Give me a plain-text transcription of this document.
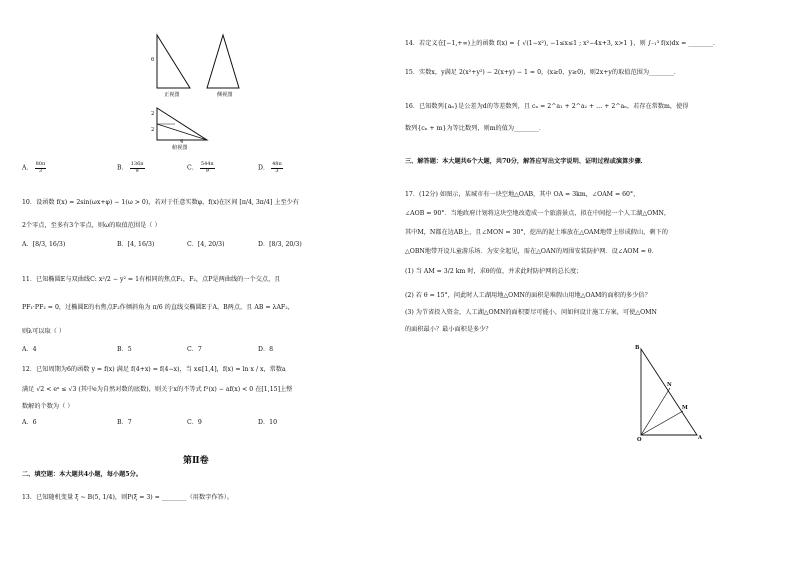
6
正视图	侧视图
2
2
4
俯视图
A． $\frac{80\pi}{3}$	B． $\frac{136\pi}{9}$	C． $\frac{544\pi}{9}$	D． $\frac{48\pi}{3}$
10．设函数 f(x) = 2sin(ωx+φ) − 1(ω > 0)，若对于任意实数φ，f(x)在区间 [π/4, 3π/4] 上至少有
2个零点，至多有3个零点，则ω的取值范围是（ ）
A．[8/3, 16/3)	B．[4, 16/3)	C．[4, 20/3)	D．[8/3, 20/3)
11．已知椭圆E与双曲线C: x²/2 − y² = 1有相同的焦点F₁，F₂，点P是两曲线的一个交点，且
PF₁·PF₂ = 0，过椭圆E的右焦点F₂作倾斜角为 π/6 的直线交椭圆E于A，B两点，且 AB = λAF₂，
则λ可以取（ ）
A．4	B．5	C．7	D．8
12．已知周期为6的函数 y = f(x) 满足 f(4+x) = f(4−x)，当 x∈[1,4]，f(x) = ln x / x，常数a
满足 √2 < eᵃ ≤ √3 (其中e为自然对数的底数)，则关于x的不等式 f²(x) − af(x) < 0 在[1,15]上整
数解的个数为（ ）
A．6	B．7	C．9	D．10
第Ⅱ卷
二、填空题：本大题共4小题，每小题5分。
13．已知随机变量 ξ ~ B(5, 1/4)，则P(ξ = 3) = ________（用数字作答）。
14．若定义在[−1,+∞)上的函数 f(x) = { √(1−x²), −1≤x≤1 ; x²−4x+3, x>1 }，则 ∫₋₁³ f(x)dx = ________．
15．实数x，y满足 2(x²+y²) − 2(x+y) − 1 = 0，(x≥0，y≥0)，则2x+y的取值范围为________．
16．已知数列{aₙ}是公差为d的等差数列，且 cₙ = 2^a₁ + 2^a₂ + … + 2^aₙ，若存在常数m，使得
数列{cₙ + m}为等比数列，则m的值为________．
三、解答题：本大题共6个大题，共70分，解答应写出文字说明、证明过程或演算步骤．
17．(12分) 如图示，某城市有一块空地△OAB，其中 OA = 3km，∠OAM = 60°，
∠AOB = 90°．当地政府计划将这块空地改造成一个旅游景点，拟在中间挖一个人工湖△OMN，
其中M，N都在边AB上，且∠MON = 30°，挖出的泥土堆放在△OAM地带上形成假山，剩下的
△OBN地带开设儿童游乐场．为安全起见，需在△OAN的周围安装防护网．设∠AOM = θ．
(1) 当 AM = 3/2 km 时，求θ的值，并求此时防护网的总长度；
(2) 若 θ = 15°，问此时人工湖用地△OMN的面积是堆假山用地△OAM的面积的多少倍？
(3) 为节省投入资金，人工湖△OMN的面积要尽可能小，问如何设计施工方案，可使△OMN
的面积最小？最小面积是多少？
B
N
M
O	A
